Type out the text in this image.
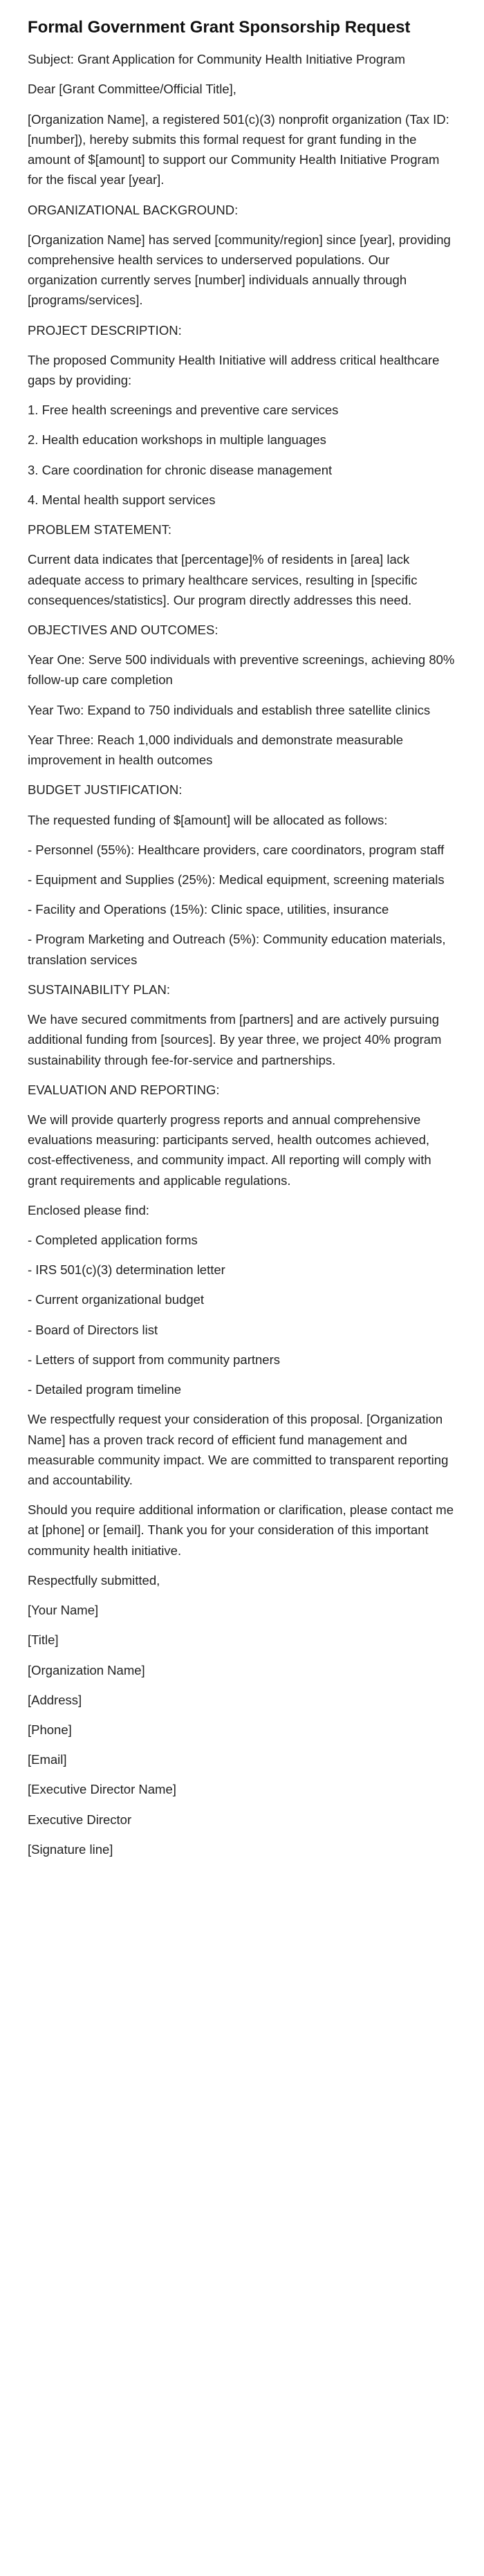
Formal Government Grant Sponsorship Request

Subject: Grant Application for Community Health Initiative Program

Dear [Grant Committee/Official Title],

[Organization Name], a registered 501(c)(3) nonprofit organization (Tax ID: [number]), hereby submits this formal request for grant funding in the amount of $[amount] to support our Community Health Initiative Program for the fiscal year [year].

ORGANIZATIONAL BACKGROUND:

[Organization Name] has served [community/region] since [year], providing comprehensive health services to underserved populations. Our organization currently serves [number] individuals annually through [programs/services].

PROJECT DESCRIPTION:

The proposed Community Health Initiative will address critical healthcare gaps by providing:

1. Free health screenings and preventive care services

2. Health education workshops in multiple languages

3. Care coordination for chronic disease management

4. Mental health support services

PROBLEM STATEMENT:

Current data indicates that [percentage]% of residents in [area] lack adequate access to primary healthcare services, resulting in [specific consequences/statistics]. Our program directly addresses this need.

OBJECTIVES AND OUTCOMES:

Year One: Serve 500 individuals with preventive screenings, achieving 80% follow-up care completion

Year Two: Expand to 750 individuals and establish three satellite clinics

Year Three: Reach 1,000 individuals and demonstrate measurable improvement in health outcomes

BUDGET JUSTIFICATION:

The requested funding of $[amount] will be allocated as follows:

- Personnel (55%): Healthcare providers, care coordinators, program staff

- Equipment and Supplies (25%): Medical equipment, screening materials

- Facility and Operations (15%): Clinic space, utilities, insurance

- Program Marketing and Outreach (5%): Community education materials, translation services

SUSTAINABILITY PLAN:

We have secured commitments from [partners] and are actively pursuing additional funding from [sources]. By year three, we project 40% program sustainability through fee-for-service and partnerships.

EVALUATION AND REPORTING:

We will provide quarterly progress reports and annual comprehensive evaluations measuring: participants served, health outcomes achieved, cost-effectiveness, and community impact. All reporting will comply with grant requirements and applicable regulations.

Enclosed please find:

- Completed application forms

- IRS 501(c)(3) determination letter

- Current organizational budget

- Board of Directors list

- Letters of support from community partners

- Detailed program timeline

We respectfully request your consideration of this proposal. [Organization Name] has a proven track record of efficient fund management and measurable community impact. We are committed to transparent reporting and accountability.

Should you require additional information or clarification, please contact me at [phone] or [email]. Thank you for your consideration of this important community health initiative.

Respectfully submitted,

[Your Name]

[Title]

[Organization Name]

[Address]

[Phone]

[Email]

[Executive Director Name]

Executive Director

[Signature line]
